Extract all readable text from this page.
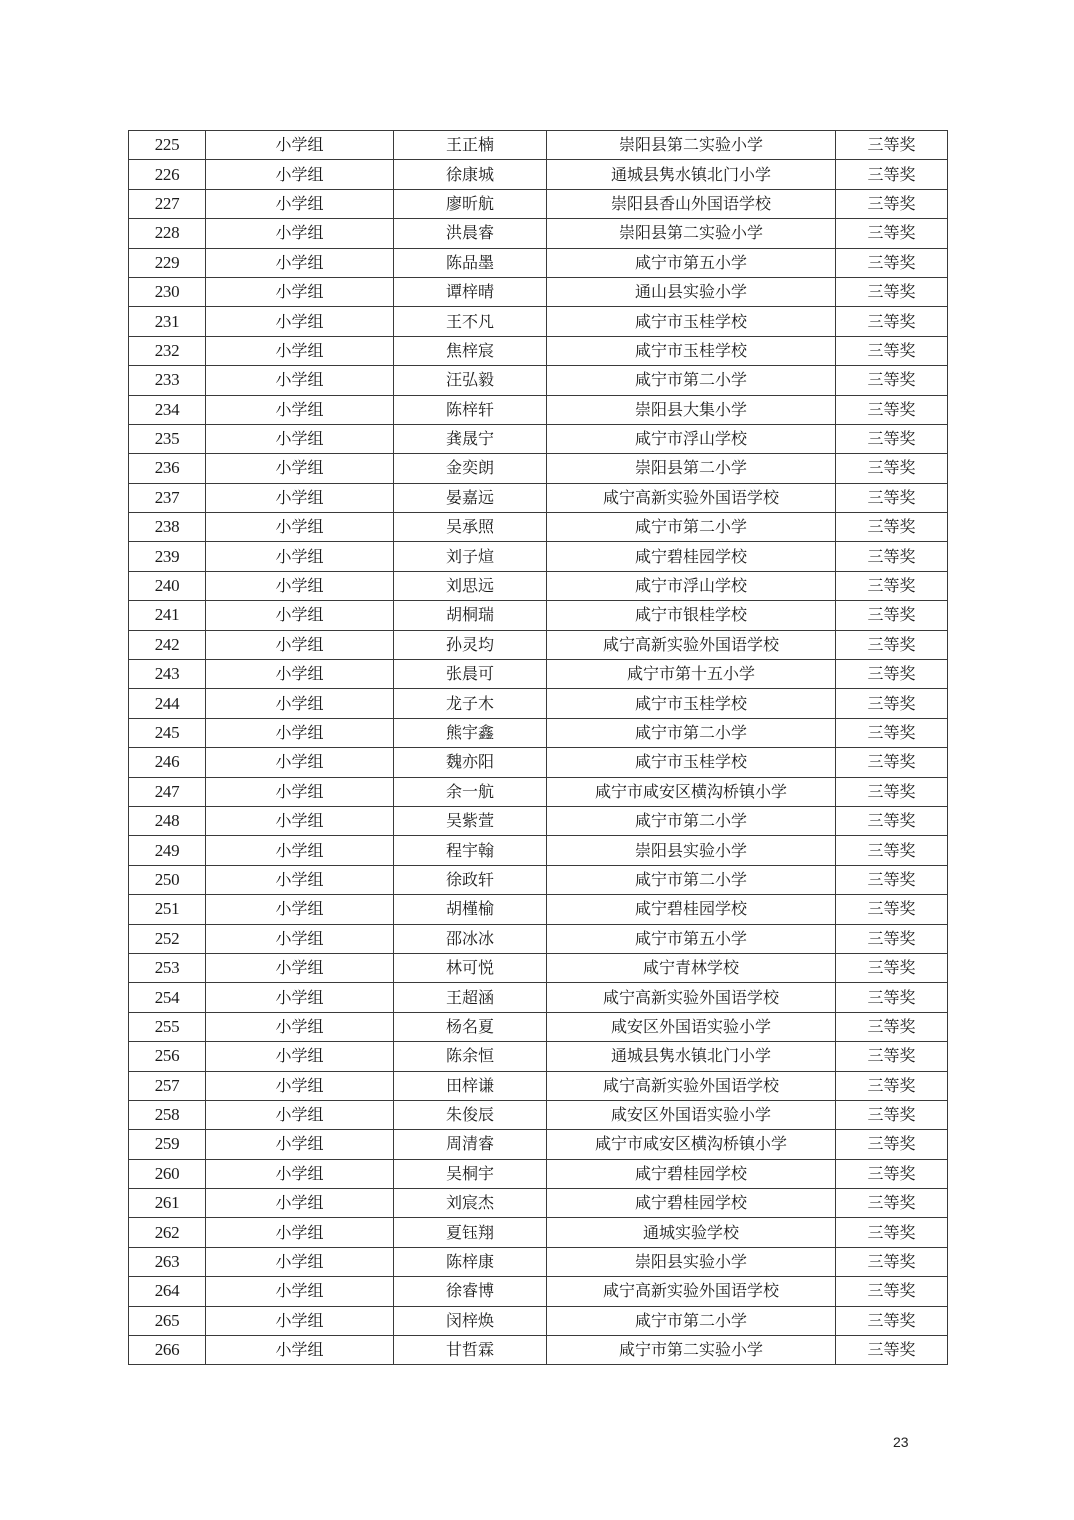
225	小学组	王正楠	崇阳县第二实验小学	三等奖
226	小学组	徐康城	通城县隽水镇北门小学	三等奖
227	小学组	廖昕航	崇阳县香山外国语学校	三等奖
228	小学组	洪晨睿	崇阳县第二实验小学	三等奖
229	小学组	陈品墨	咸宁市第五小学	三等奖
230	小学组	谭梓晴	通山县实验小学	三等奖
231	小学组	王不凡	咸宁市玉桂学校	三等奖
232	小学组	焦梓宸	咸宁市玉桂学校	三等奖
233	小学组	汪弘毅	咸宁市第二小学	三等奖
234	小学组	陈梓轩	崇阳县大集小学	三等奖
235	小学组	龚晟宁	咸宁市浮山学校	三等奖
236	小学组	金奕朗	崇阳县第二小学	三等奖
237	小学组	晏嘉远	咸宁高新实验外国语学校	三等奖
238	小学组	吴承照	咸宁市第二小学	三等奖
239	小学组	刘子煊	咸宁碧桂园学校	三等奖
240	小学组	刘思远	咸宁市浮山学校	三等奖
241	小学组	胡桐瑞	咸宁市银桂学校	三等奖
242	小学组	孙灵均	咸宁高新实验外国语学校	三等奖
243	小学组	张晨可	咸宁市第十五小学	三等奖
244	小学组	龙子木	咸宁市玉桂学校	三等奖
245	小学组	熊宇鑫	咸宁市第二小学	三等奖
246	小学组	魏亦阳	咸宁市玉桂学校	三等奖
247	小学组	余一航	咸宁市咸安区横沟桥镇小学	三等奖
248	小学组	吴紫萱	咸宁市第二小学	三等奖
249	小学组	程宇翰	崇阳县实验小学	三等奖
250	小学组	徐政轩	咸宁市第二小学	三等奖
251	小学组	胡槿榆	咸宁碧桂园学校	三等奖
252	小学组	邵冰冰	咸宁市第五小学	三等奖
253	小学组	林可悦	咸宁青林学校	三等奖
254	小学组	王超涵	咸宁高新实验外国语学校	三等奖
255	小学组	杨名夏	咸安区外国语实验小学	三等奖
256	小学组	陈余恒	通城县隽水镇北门小学	三等奖
257	小学组	田梓谦	咸宁高新实验外国语学校	三等奖
258	小学组	朱俊辰	咸安区外国语实验小学	三等奖
259	小学组	周清睿	咸宁市咸安区横沟桥镇小学	三等奖
260	小学组	吴桐宇	咸宁碧桂园学校	三等奖
261	小学组	刘宸杰	咸宁碧桂园学校	三等奖
262	小学组	夏钰翔	通城实验学校	三等奖
263	小学组	陈梓康	崇阳县实验小学	三等奖
264	小学组	徐睿博	咸宁高新实验外国语学校	三等奖
265	小学组	闵梓焕	咸宁市第二小学	三等奖
266	小学组	甘哲霖	咸宁市第二实验小学	三等奖
23
